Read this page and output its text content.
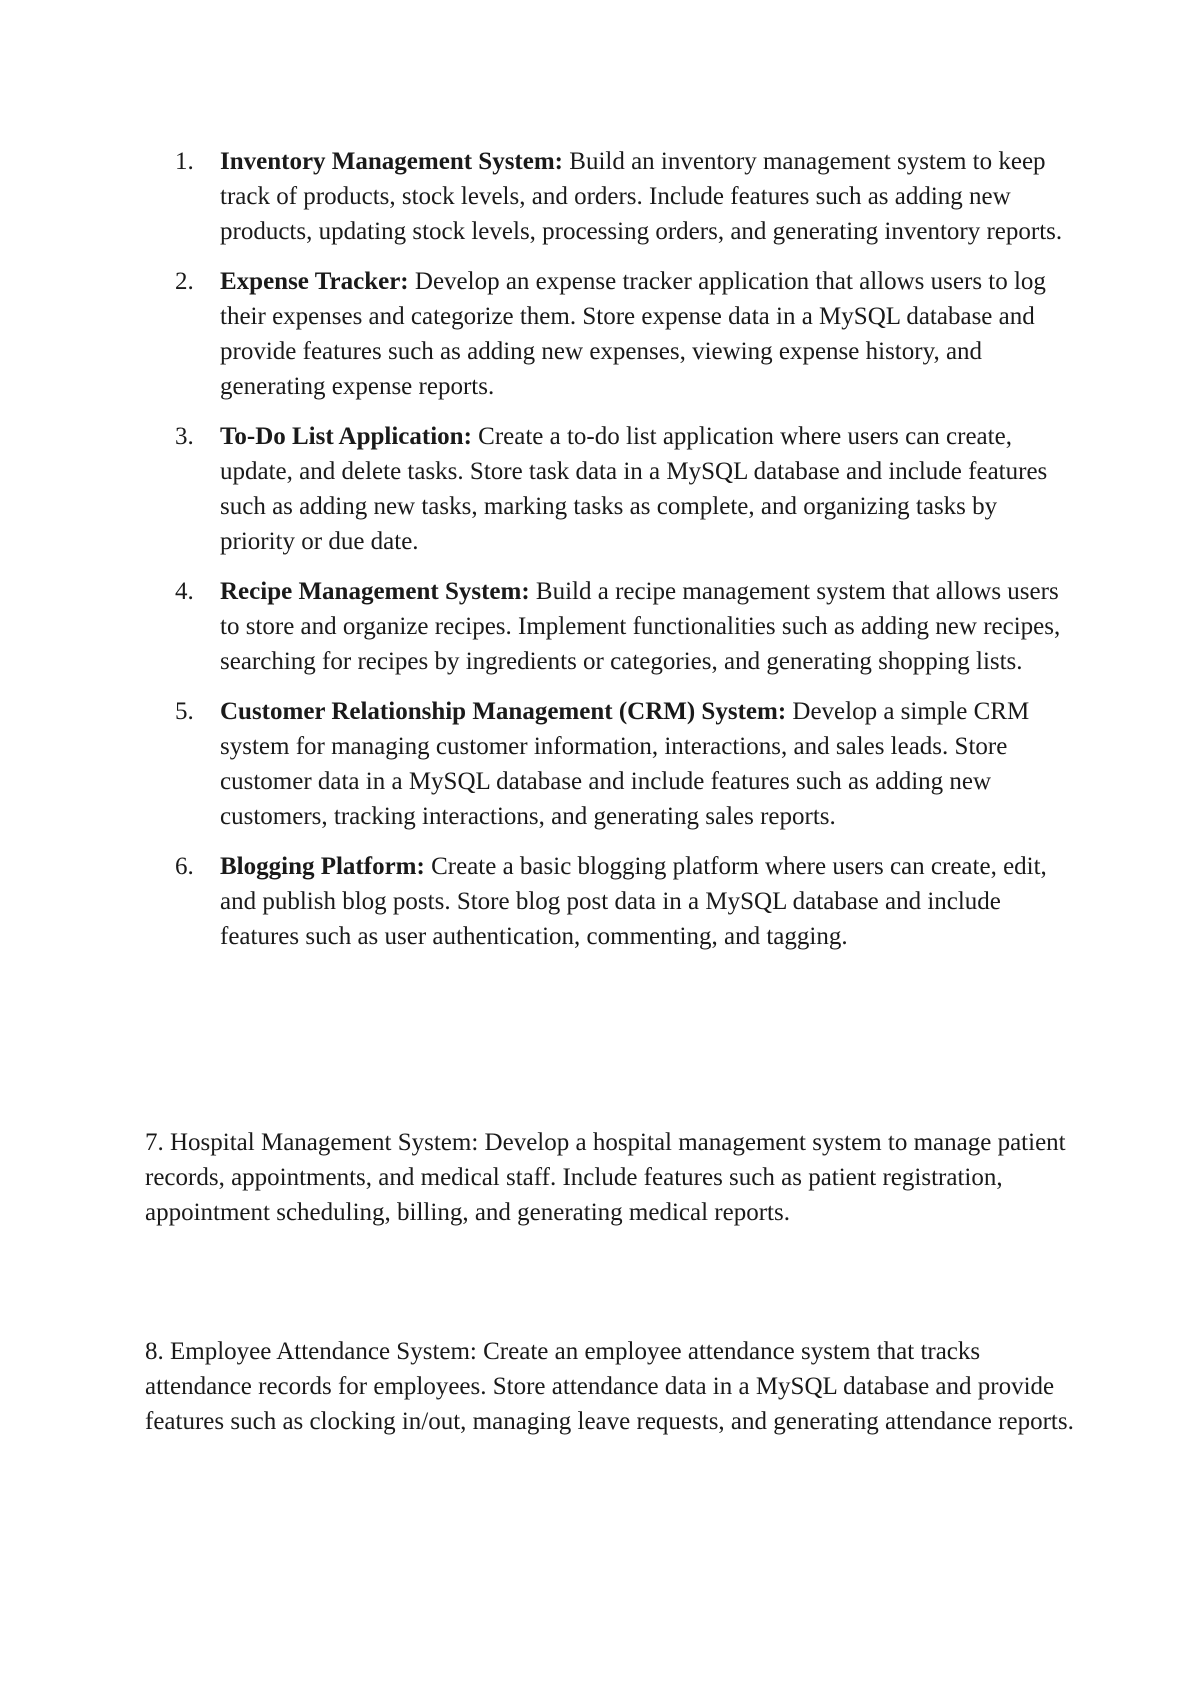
1. Inventory Management System: Build an inventory management system to keep track of products, stock levels, and orders. Include features such as adding new products, updating stock levels, processing orders, and generating inventory reports.
2. Expense Tracker: Develop an expense tracker application that allows users to log their expenses and categorize them. Store expense data in a MySQL database and provide features such as adding new expenses, viewing expense history, and generating expense reports.
3. To-Do List Application: Create a to-do list application where users can create, update, and delete tasks. Store task data in a MySQL database and include features such as adding new tasks, marking tasks as complete, and organizing tasks by priority or due date.
4. Recipe Management System: Build a recipe management system that allows users to store and organize recipes. Implement functionalities such as adding new recipes, searching for recipes by ingredients or categories, and generating shopping lists.
5. Customer Relationship Management (CRM) System: Develop a simple CRM system for managing customer information, interactions, and sales leads. Store customer data in a MySQL database and include features such as adding new customers, tracking interactions, and generating sales reports.
6. Blogging Platform: Create a basic blogging platform where users can create, edit, and publish blog posts. Store blog post data in a MySQL database and include features such as user authentication, commenting, and tagging.

7. Hospital Management System: Develop a hospital management system to manage patient records, appointments, and medical staff. Include features such as patient registration, appointment scheduling, billing, and generating medical reports.

8. Employee Attendance System: Create an employee attendance system that tracks attendance records for employees. Store attendance data in a MySQL database and provide features such as clocking in/out, managing leave requests, and generating attendance reports.
